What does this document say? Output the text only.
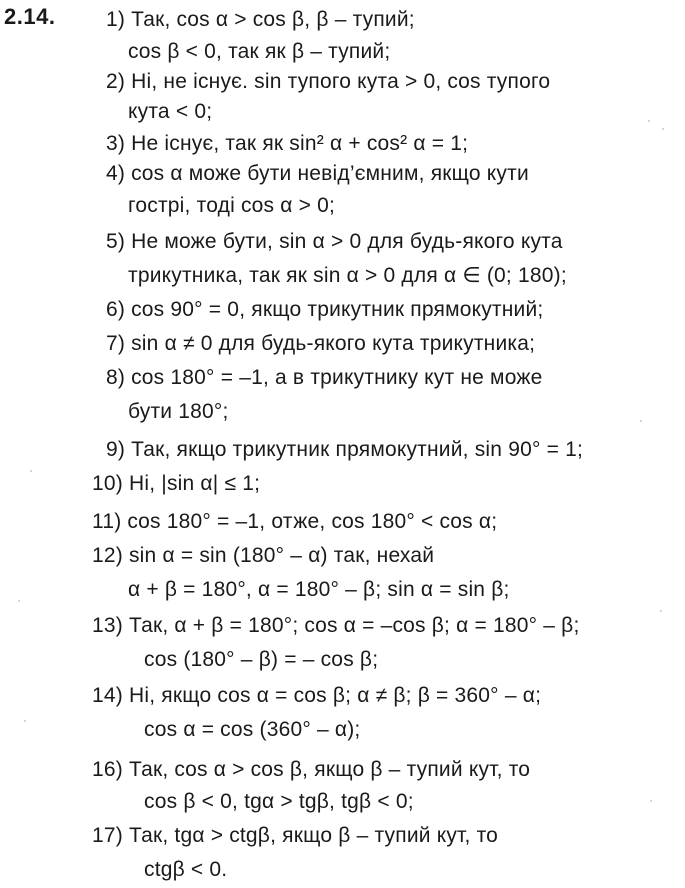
2.14. 1) Так, cos α > cos β, β – тупий;
cos β < 0, так як β – тупий;
2) Ні, не існує. sin тупого кута > 0, cos тупого
кута < 0;
3) Не існує, так як sin² α + cos² α = 1;
4) cos α може бути невід’ємним, якщо кути
гострі, тоді cos α > 0;
5) Не може бути, sin α > 0 для будь-якого кута
трикутника, так як sin α > 0 для α ∈ (0; 180);
6) cos 90° = 0, якщо трикутник прямокутний;
7) sin α ≠ 0 для будь-якого кута трикутника;
8) cos 180° = –1, а в трикутнику кут не може
бути 180°;
9) Так, якщо трикутник прямокутний, sin 90° = 1;
10) Ні, |sin α| ≤ 1;
11) cos 180° = –1, отже, cos 180° < cos α;
12) sin α = sin (180° – α) так, нехай
α + β = 180°, α = 180° – β; sin α = sin β;
13) Так, α + β = 180°; cos α = –cos β; α = 180° – β;
cos (180° – β) = – cos β;
14) Ні, якщо cos α = cos β; α ≠ β; β = 360° – α;
cos α = cos (360° – α);
16) Так, cos α > cos β, якщо β – тупий кут, то
cos β < 0, tgα > tgβ, tgβ < 0;
17) Так, tgα > ctgβ, якщо β – тупий кут, то
ctgβ < 0.
